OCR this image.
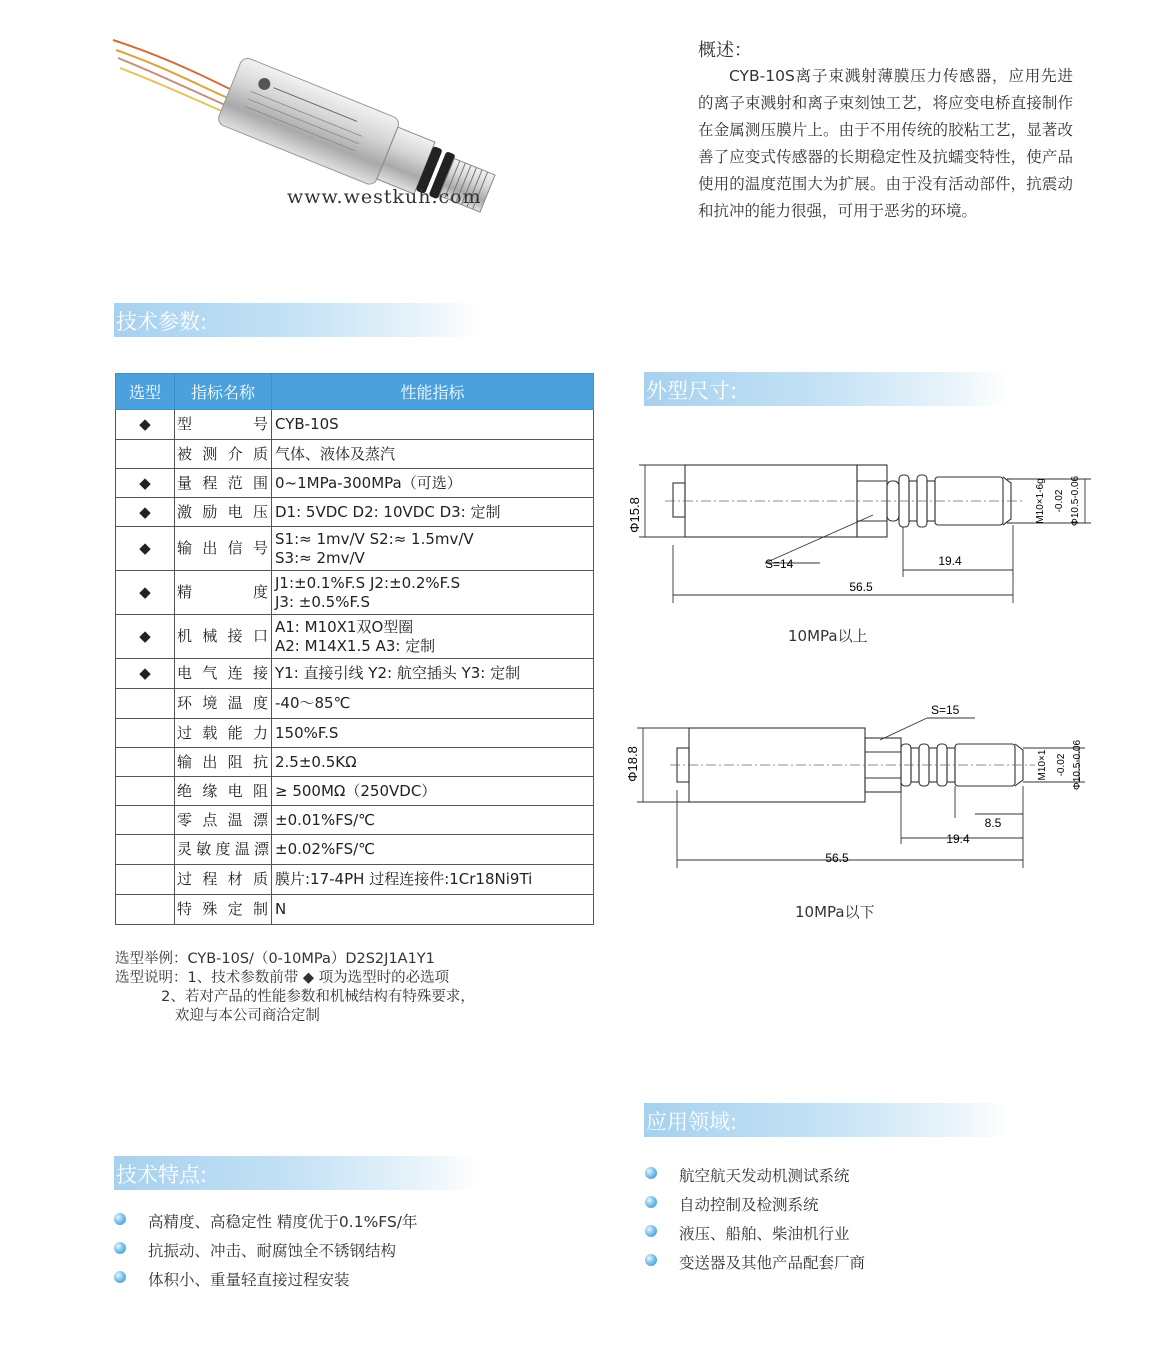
www.westkuh.com
概述：
CYB-10S离子束溅射薄膜压力传感器，应用先进的离子束溅射和离子束刻蚀工艺，将应变电桥直接制作在金属测压膜片上。由于不用传统的胶粘工艺，显著改善了应变式传感器的长期稳定性及抗蠕变特性，使产品使用的温度范围大为扩展。由于没有活动部件，抗震动和抗冲的能力很强，可用于恶劣的环境。
技术参数:
选型	指标名称	性能指标
◆	型号	CYB-10S
	被测介质	气体、液体及蒸汽
◆	量程范围	0~1MPa-300MPa（可选）
◆	激励电压	D1: 5VDC D2: 10VDC D3: 定制
◆	输出信号	S1:≈ 1mv/V S2:≈ 1.5mv/V
S3:≈ 2mv/V

◆	精度	J1:±0.1%F.S J2:±0.2%F.S
J3: ±0.5%F.S

◆	机械接口	A1: M10X1双O型圈
A2: M14X1.5 A3: 定制

◆	电气连接	Y1: 直接引线 Y2: 航空插头 Y3: 定制
	环境温度	-40～85℃
	过载能力	150%F.S
	输出阻抗	2.5±0.5KΩ
	绝缘电阻	≥ 500MΩ（250VDC）
	零点温漂	±0.01%FS/℃
	灵敏度温漂	±0.02%FS/℃
	过程材质	膜片:17-4PH 过程连接件:1Cr18Ni9Ti
	特殊定制	N
选型举例：CYB-10S/（0-10MPa）D2S2J1A1Y1
选型说明：1、技术参数前带 ◆ 项为选型时的必选项
2、若对产品的性能参数和机械结构有特殊要求，
欢迎与本公司商洽定制
外型尺寸:
Φ15.8
S=14	19.4
56.5
M10×1-6g -0.02 Φ10.5-0.06
10MPa以上
Φ18.8
S=15
8.5
19.4
56.5
M10×1 -0.02 Φ10.5-0.06
10MPa以下
应用领域:
航空航天发动机测试系统
自动控制及检测系统
液压、船舶、柴油机行业
变送器及其他产品配套厂商
技术特点:
高精度、高稳定性 精度优于0.1%FS/年
抗振动、冲击、耐腐蚀全不锈钢结构
体积小、重量轻直接过程安装
